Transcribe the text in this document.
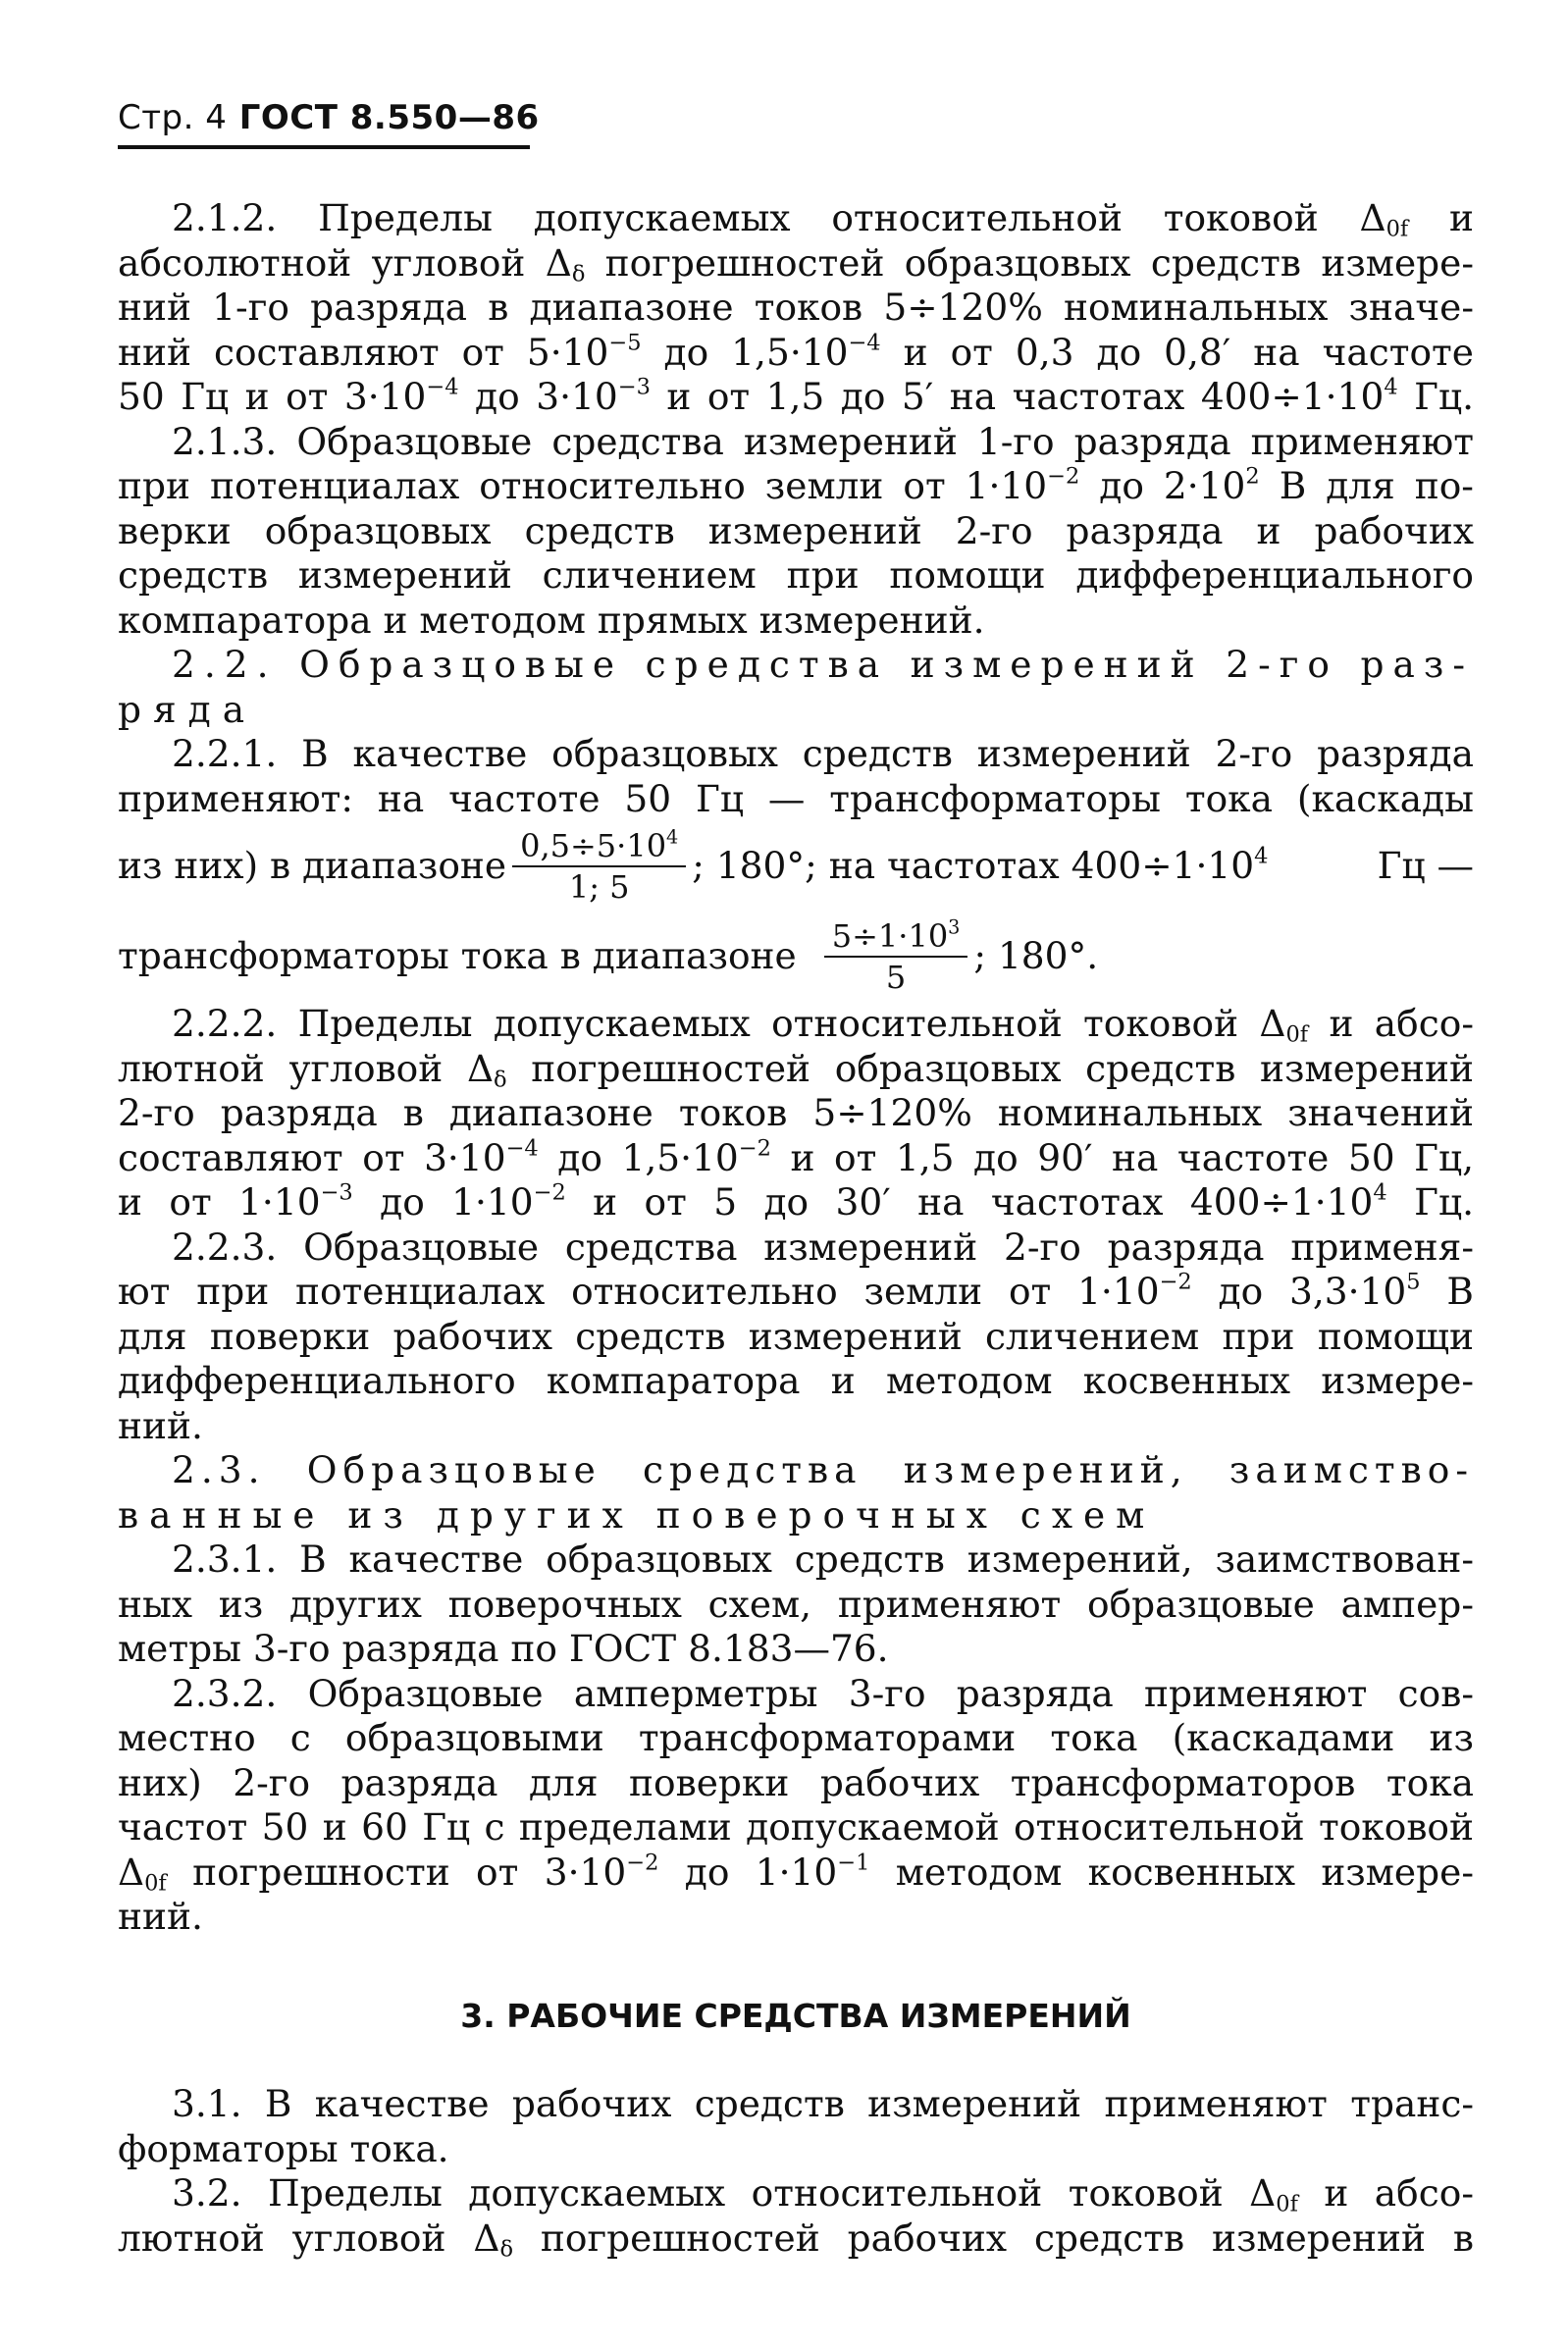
Стр. 4 ГОСТ 8.550—86
2.1.2. Пределы допускаемых относительной токовой $\Delta_{0f}$ и
абсолютной угловой $\Delta_\delta$ погрешностей образцовых средств измере-
ний 1-го разряда в диапазоне токов 5÷120% номинальных значе-
ний составляют от $5\cdot 10^{-5}$ до $1,5\cdot 10^{-4}$ и от 0,3 до 0,8′ на частоте
50 Гц и от $3\cdot 10^{-4}$ до $3\cdot 10^{-3}$ и от 1,5 до 5′ на частотах $400\div 1\cdot 10^4$ Гц.
2.1.3. Образцовые средства измерений 1-го разряда применяют
при потенциалах относительно земли от $1\cdot 10^{-2}$ до $2\cdot 10^2$ В для по-
верки образцовых средств измерений 2-го разряда и рабочих
средств измерений сличением при помощи дифференциального
компаратора и методом прямых измерений.
2.2. Образцовые средства измерений 2-го раз-
ряда
2.2.1. В качестве образцовых средств измерений 2-го разряда
применяют: на частоте 50 Гц — трансформаторы тока (каскады
из них) в диапазоне $\frac{0,5\div 5\cdot 10^4}{1; 5}$ ; 180°; на частотах $400\div 1\cdot 10^4$	Гц —
трансформаторы тока в диапазоне $\frac{5\div 1\cdot 10^3}{5}$ ; 180°.
2.2.2. Пределы допускаемых относительной токовой $\Delta_{0f}$ и абсо-
лютной угловой $\Delta_\delta$ погрешностей образцовых средств измерений
2-го разряда в диапазоне токов 5÷120% номинальных значений
составляют от $3\cdot 10^{-4}$ до $1,5\cdot 10^{-2}$ и от 1,5 до 90′ на частоте 50 Гц,
и от $1\cdot 10^{-3}$ до $1\cdot 10^{-2}$ и от 5 до 30′ на частотах $400\div 1\cdot 10^4$ Гц.
2.2.3. Образцовые средства измерений 2-го разряда применя-
ют при потенциалах относительно земли от $1\cdot 10^{-2}$ до $3,3\cdot 10^5$ В
для поверки рабочих средств измерений сличением при помощи
дифференциального компаратора и методом косвенных измере-
ний.
2.3. Образцовые средства измерений, заимство-
ванные из других поверочных схем
2.3.1. В качестве образцовых средств измерений, заимствован-
ных из других поверочных схем, применяют образцовые ампер-
метры 3-го разряда по ГОСТ 8.183—76.
2.3.2. Образцовые амперметры 3-го разряда применяют сов-
местно с образцовыми трансформаторами тока (каскадами из
них) 2-го разряда для поверки рабочих трансформаторов тока
частот 50 и 60 Гц с пределами допускаемой относительной токовой
$\Delta_{0f}$ погрешности от $3\cdot 10^{-2}$ до $1\cdot 10^{-1}$ методом косвенных измере-
ний.
3. РАБОЧИЕ СРЕДСТВА ИЗМЕРЕНИЙ
3.1. В качестве рабочих средств измерений применяют транс-
форматоры тока.
3.2. Пределы допускаемых относительной токовой $\Delta_{0f}$ и абсо-
лютной угловой $\Delta_\delta$ погрешностей рабочих средств измерений в
